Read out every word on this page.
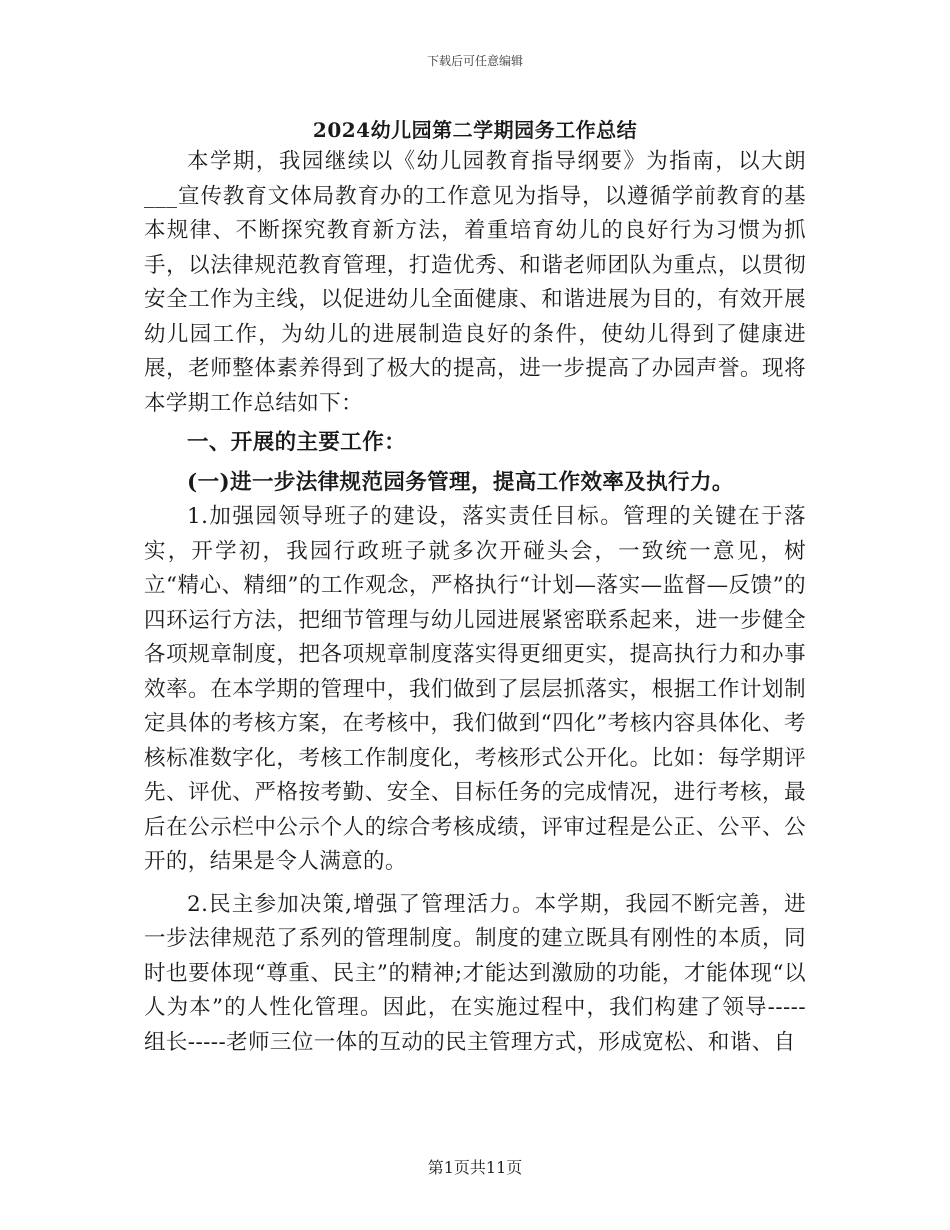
下载后可任意编辑
2024幼儿园第二学期园务工作总结

本学期，我园继续以《幼儿园教育指导纲要》为指南，以大朗___宣传教育文体局教育办的工作意见为指导，以遵循学前教育的基本规律、不断探究教育新方法，着重培育幼儿的良好行为习惯为抓手，以法律规范教育管理，打造优秀、和谐老师团队为重点，以贯彻安全工作为主线，以促进幼儿全面健康、和谐进展为目的，有效开展幼儿园工作，为幼儿的进展制造良好的条件，使幼儿得到了健康进展，老师整体素养得到了极大的提高，进一步提高了办园声誉。现将本学期工作总结如下：

一、开展的主要工作：

(一)进一步法律规范园务管理，提高工作效率及执行力。

1.加强园领导班子的建设，落实责任目标。管理的关键在于落实，开学初，我园行政班子就多次开碰头会，一致统一意见，树立“精心、精细”的工作观念，严格执行“计划—落实—监督—反馈”的四环运行方法，把细节管理与幼儿园进展紧密联系起来，进一步健全各项规章制度，把各项规章制度落实得更细更实，提高执行力和办事效率。在本学期的管理中，我们做到了层层抓落实，根据工作计划制定具体的考核方案，在考核中，我们做到“四化”考核内容具体化、考核标准数字化，考核工作制度化，考核形式公开化。比如：每学期评先、评优、严格按考勤、安全、目标任务的完成情况，进行考核，最后在公示栏中公示个人的综合考核成绩，评审过程是公正、公平、公开的，结果是令人满意的。

2.民主参加决策,增强了管理活力。本学期，我园不断完善，进一步法律规范了系列的管理制度。制度的建立既具有刚性的本质，同时也要体现“尊重、民主”的精神;才能达到激励的功能，才能体现“以人为本”的人性化管理。因此，在实施过程中，我们构建了领导-----组长-----老师三位一体的互动的民主管理方式，形成宽松、和谐、自

第1页共11页
